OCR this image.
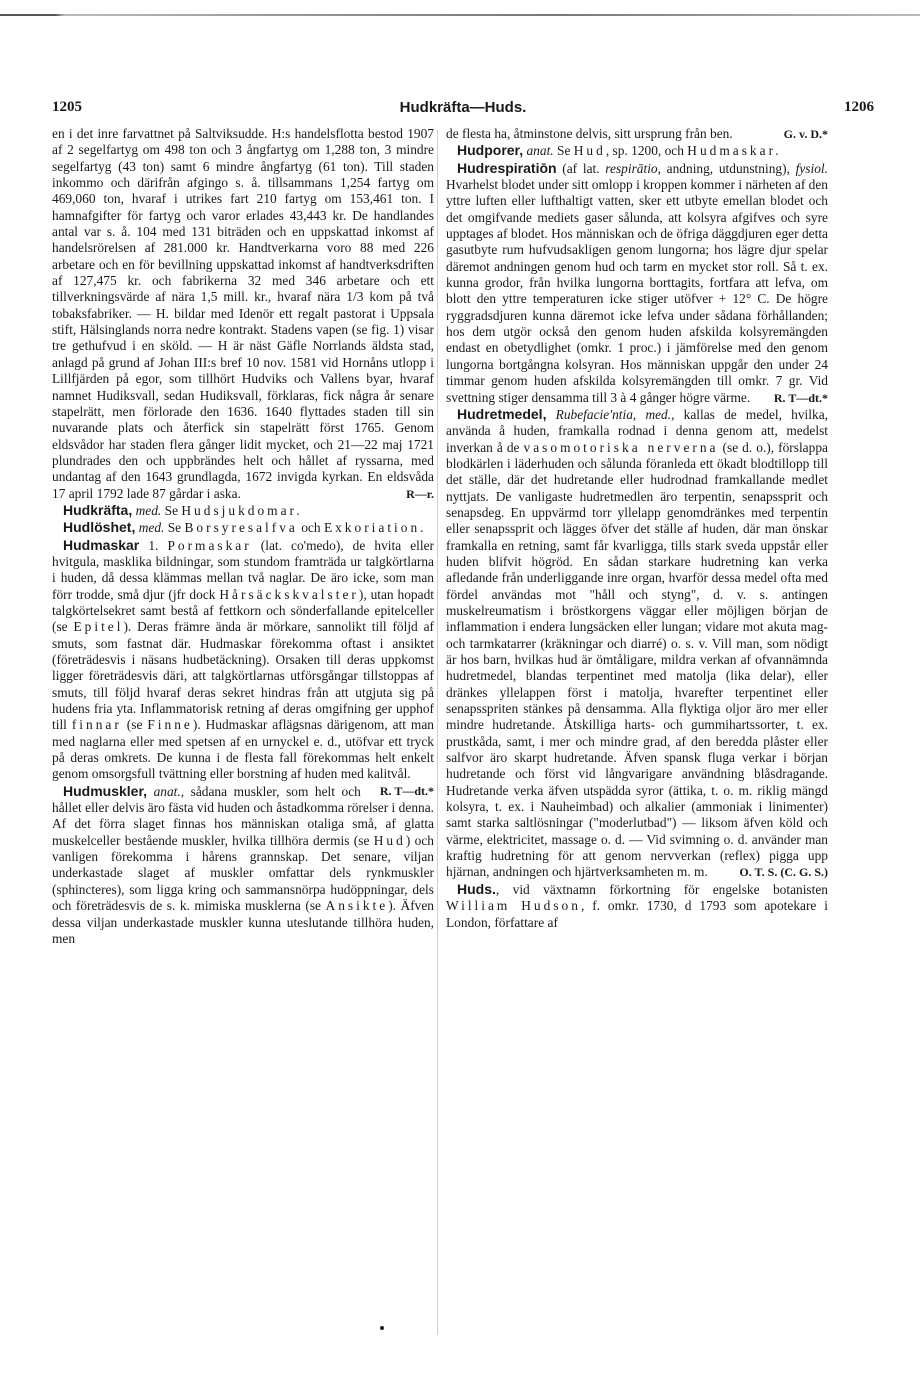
1205	Hudkräfta—Huds.	1206

en i det inre farvattnet på Saltviksudde. H:s handelsflotta bestod 1907 af 2 segelfartyg om 498 ton och 3 ångfartyg om 1,288 ton, 3 mindre segelfartyg (43 ton) samt 6 mindre ångfartyg (61 ton). Till staden inkommo och därifrån afgingo s. å. tillsammans 1,254 fartyg om 469,060 ton, hvaraf i utrikes fart 210 fartyg om 153,461 ton. I hamnafgifter för fartyg och varor erlades 43,443 kr. De handlandes antal var s. å. 104 med 131 biträden och en uppskattad inkomst af handelsrörelsen af 281.000 kr. Handtverkarna voro 88 med 226 arbetare och en för bevillning uppskattad inkomst af handtverksdriften af 127,475 kr. och fabrikerna 32 med 346 arbetare och ett tillverkningsvärde af nära 1,5 mill. kr., hvaraf nära 1/3 kom på två tobaksfabriker. — H. bildar med Idenör ett regalt pastorat i Uppsala stift, Hälsinglands norra nedre kontrakt. Stadens vapen (se fig. 1) visar tre gethufvud i en sköld. — H är näst Gäfle Norrlands äldsta stad, anlagd på grund af Johan III:s bref 10 nov. 1581 vid Hornåns utlopp i Lillfjärden på egor, som tillhört Hudviks och Vallens byar, hvaraf namnet Hudiksvall, sedan Hudiksvall, förklaras, fick några år senare stapelrätt, men förlorade den 1636. 1640 flyttades staden till sin nuvarande plats och återfick sin stapelrätt först 1765. Genom eldsvådor har staden flera gånger lidit mycket, och 21—22 maj 1721 plundrades den och uppbrändes helt och hållet af ryssarna, med undantag af den 1643 grundlagda, 1672 invigda kyrkan. En eldsvåda 17 april 1792 lade 87 gårdar i aska.	R—r.

Hudkräfta, med. Se Hudsjukdomar.

Hudlöshet, med. Se Borsyresalfva och Exkoriation.

Hudmaskar 1. Pormaskar (lat. co'medo), de hvita eller hvitgula, masklika bildningar, som stundom framträda ur talgkörtlarna i huden, då dessa klämmas mellan två naglar. De äro icke, som man förr trodde, små djur (jfr dock Hårsäckskvalster), utan hopadt talgkörtelsekret samt bestå af fettkorn och sönderfallande epitelceller (se Epitel). Deras främre ända är mörkare, sannolikt till följd af smuts, som fastnat där. Hudmaskar förekomma oftast i ansiktet (företrädesvis i näsans hudbetäckning). Orsaken till deras uppkomst ligger företrädesvis däri, att talgkörtlarnas utförsgångar tillstoppas af smuts, till följd hvaraf deras sekret hindras från att utgjuta sig på hudens fria yta. Inflammatorisk retning af deras omgifning ger upphof till finnar (se Finne). Hudmaskar aflägsnas därigenom, att man med naglarna eller med spetsen af en urnyckel e. d., utöfvar ett tryck på deras omkrets. De kunna i de flesta fall förekommas helt enkelt genom omsorgsfull tvättning eller borstning af huden med kalitvål.
R. T—dt.*

Hudmuskler, anat., sådana muskler, som helt och hållet eller delvis äro fästa vid huden och åstadkomma rörelser i denna. Af det förra slaget finnas hos människan otaliga små, af glatta muskelceller bestående muskler, hvilka tillhöra dermis (se Hud) och vanligen förekomma i hårens grannskap. Det senare, viljan underkastade slaget af muskler omfattar dels rynkmuskler (sphincteres), som ligga kring och sammansnörpa hudöppningar, dels och företrädesvis de s. k. mimiska musklerna (se Ansikte). Äfven dessa viljan underkastade muskler kunna uteslutande tillhöra huden, men

de flesta ha, åtminstone delvis, sitt ursprung från ben.	G. v. D.*

Hudporer, anat. Se Hud, sp. 1200, och Hudmaskar.

Hudrespiratiōn (af lat. respirātio, andning, utdunstning), fysiol. Hvarhelst blodet under sitt omlopp i kroppen kommer i närheten af den yttre luften eller lufthaltigt vatten, sker ett utbyte emellan blodet och det omgifvande mediets gaser sålunda, att kolsyra afgifves och syre upptages af blodet. Hos människan och de öfriga däggdjuren eger detta gasutbyte rum hufvudsakligen genom lungorna; hos lägre djur spelar däremot andningen genom hud och tarm en mycket stor roll. Så t. ex. kunna grodor, från hvilka lungorna borttagits, fortfara att lefva, om blott den yttre temperaturen icke stiger utöfver + 12° C. De högre ryggradsdjuren kunna däremot icke lefva under sådana förhållanden; hos dem utgör också den genom huden afskilda kolsyremängden endast en obetydlighet (omkr. 1 proc.) i jämförelse med den genom lungorna bortgångna kolsyran. Hos människan uppgår den under 24 timmar genom huden afskilda kolsyremängden till omkr. 7 gr. Vid svettning stiger densamma till 3 à 4 gånger högre värme.	R. T—dt.*

Hudretmedel, Rubefacie'ntia, med., kallas de medel, hvilka, använda å huden, framkalla rodnad i denna genom att, medelst inverkan å de vasomotoriska nerverna (se d. o.), förslappa blodkärlen i läderhuden och sålunda föranleda ett ökadt blodtillopp till det ställe, där det hudretande eller hudrodnad framkallande medlet nyttjats. De vanligaste hudretmedlen äro terpentin, senapssprit och senapsdeg. En uppvärmd torr yllelapp genomdränkes med terpentin eller senapssprit och lägges öfver det ställe af huden, där man önskar framkalla en retning, samt får kvarligga, tills stark sveda uppstår eller huden blifvit högröd. En sådan starkare hudretning kan verka afledande från underliggande inre organ, hvarför dessa medel ofta med fördel användas mot "håll och styng", d. v. s. antingen muskelreumatism i bröstkorgens väggar eller möjligen början de inflammation i endera lungsäcken eller lungan; vidare mot akuta mag- och tarmkatarrer (kräkningar och diarré) o. s. v. Vill man, som nödigt är hos barn, hvilkas hud är ömtåligare, mildra verkan af ofvannämnda hudretmedel, blandas terpentinet med matolja (lika delar), eller dränkes yllelappen först i matolja, hvarefter terpentinet eller senapsspriten stänkes på densamma. Alla flyktiga oljor äro mer eller mindre hudretande. Åtskilliga harts- och gummihartssorter, t. ex. prustkåda, samt, i mer och mindre grad, af den beredda plåster eller salfvor äro skarpt hudretande. Äfven spansk fluga verkar i början hudretande och först vid långvarigare användning blåsdragande. Hudretande verka äfven utspädda syror (ättika, t. o. m. riklig mängd kolsyra, t. ex. i Nauheimbad) och alkalier (ammoniak i linimenter) samt starka saltlösningar ("moderlutbad") — liksom äfven köld och värme, elektricitet, massage o. d. — Vid svimning o. d. använder man kraftig hudretning för att genom nervverkan (reflex) pigga upp hjärnan, andningen och hjärtverksamheten m. m.	O. T. S. (C. G. S.)

Huds., vid växtnamn förkortning för engelske botanisten William Hudson, f. omkr. 1730, d 1793 som apotekare i London, författare af
